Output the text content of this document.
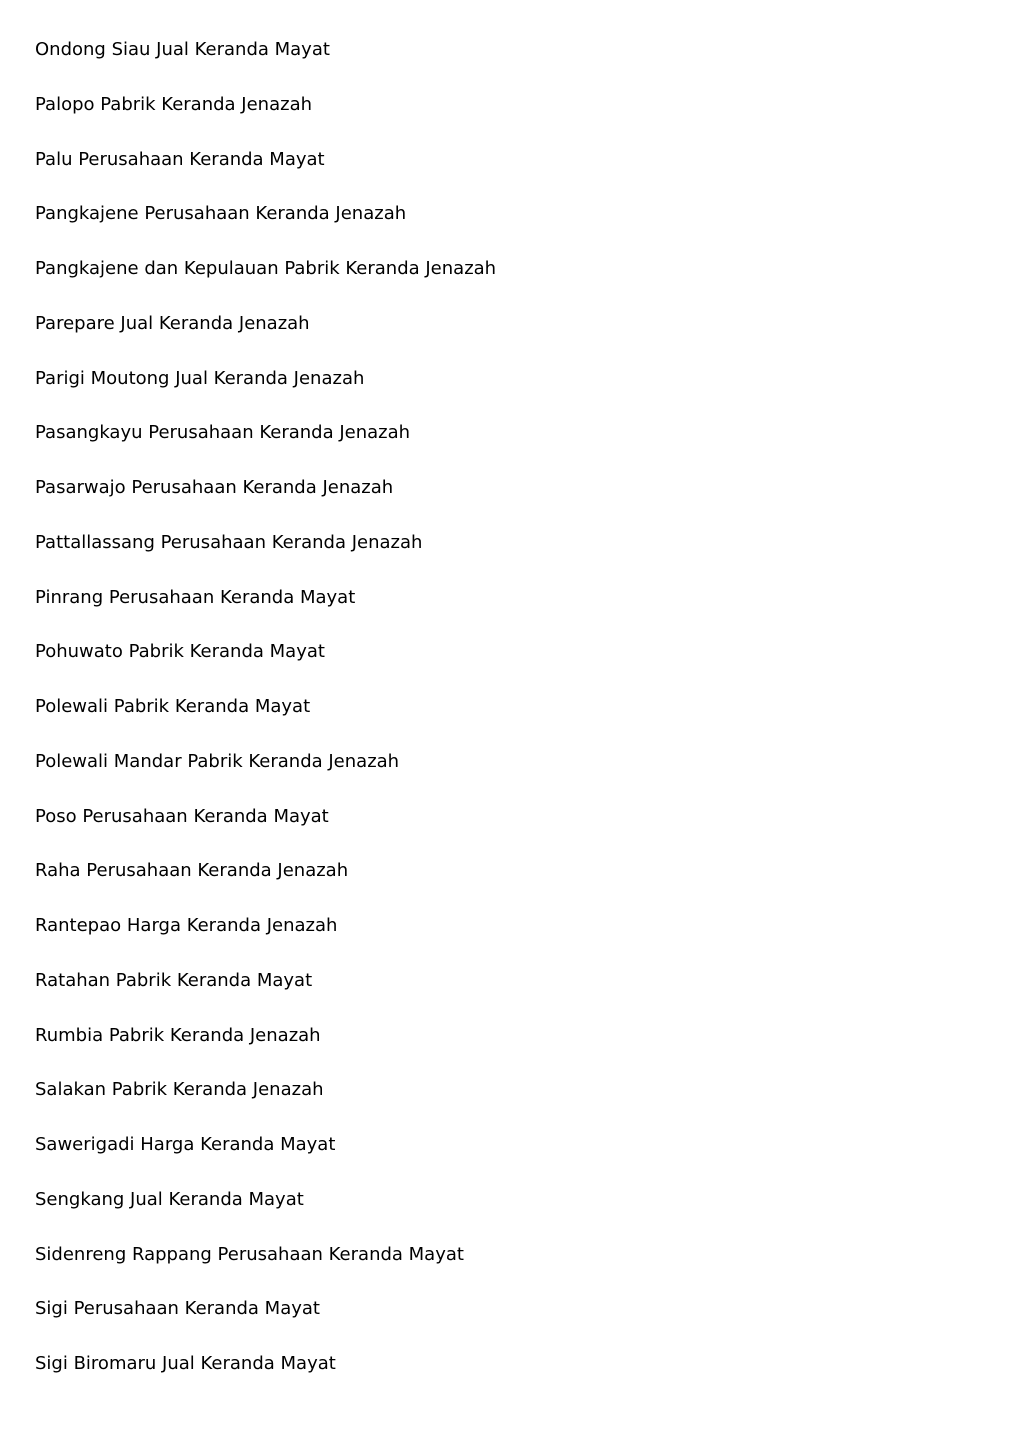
Ondong Siau Jual Keranda Mayat
Palopo Pabrik Keranda Jenazah
Palu Perusahaan Keranda Mayat
Pangkajene Perusahaan Keranda Jenazah
Pangkajene dan Kepulauan Pabrik Keranda Jenazah
Parepare Jual Keranda Jenazah
Parigi Moutong Jual Keranda Jenazah
Pasangkayu Perusahaan Keranda Jenazah
Pasarwajo Perusahaan Keranda Jenazah
Pattallassang Perusahaan Keranda Jenazah
Pinrang Perusahaan Keranda Mayat
Pohuwato Pabrik Keranda Mayat
Polewali Pabrik Keranda Mayat
Polewali Mandar Pabrik Keranda Jenazah
Poso Perusahaan Keranda Mayat
Raha Perusahaan Keranda Jenazah
Rantepao Harga Keranda Jenazah
Ratahan Pabrik Keranda Mayat
Rumbia Pabrik Keranda Jenazah
Salakan Pabrik Keranda Jenazah
Sawerigadi Harga Keranda Mayat
Sengkang Jual Keranda Mayat
Sidenreng Rappang Perusahaan Keranda Mayat
Sigi Perusahaan Keranda Mayat
Sigi Biromaru Jual Keranda Mayat
